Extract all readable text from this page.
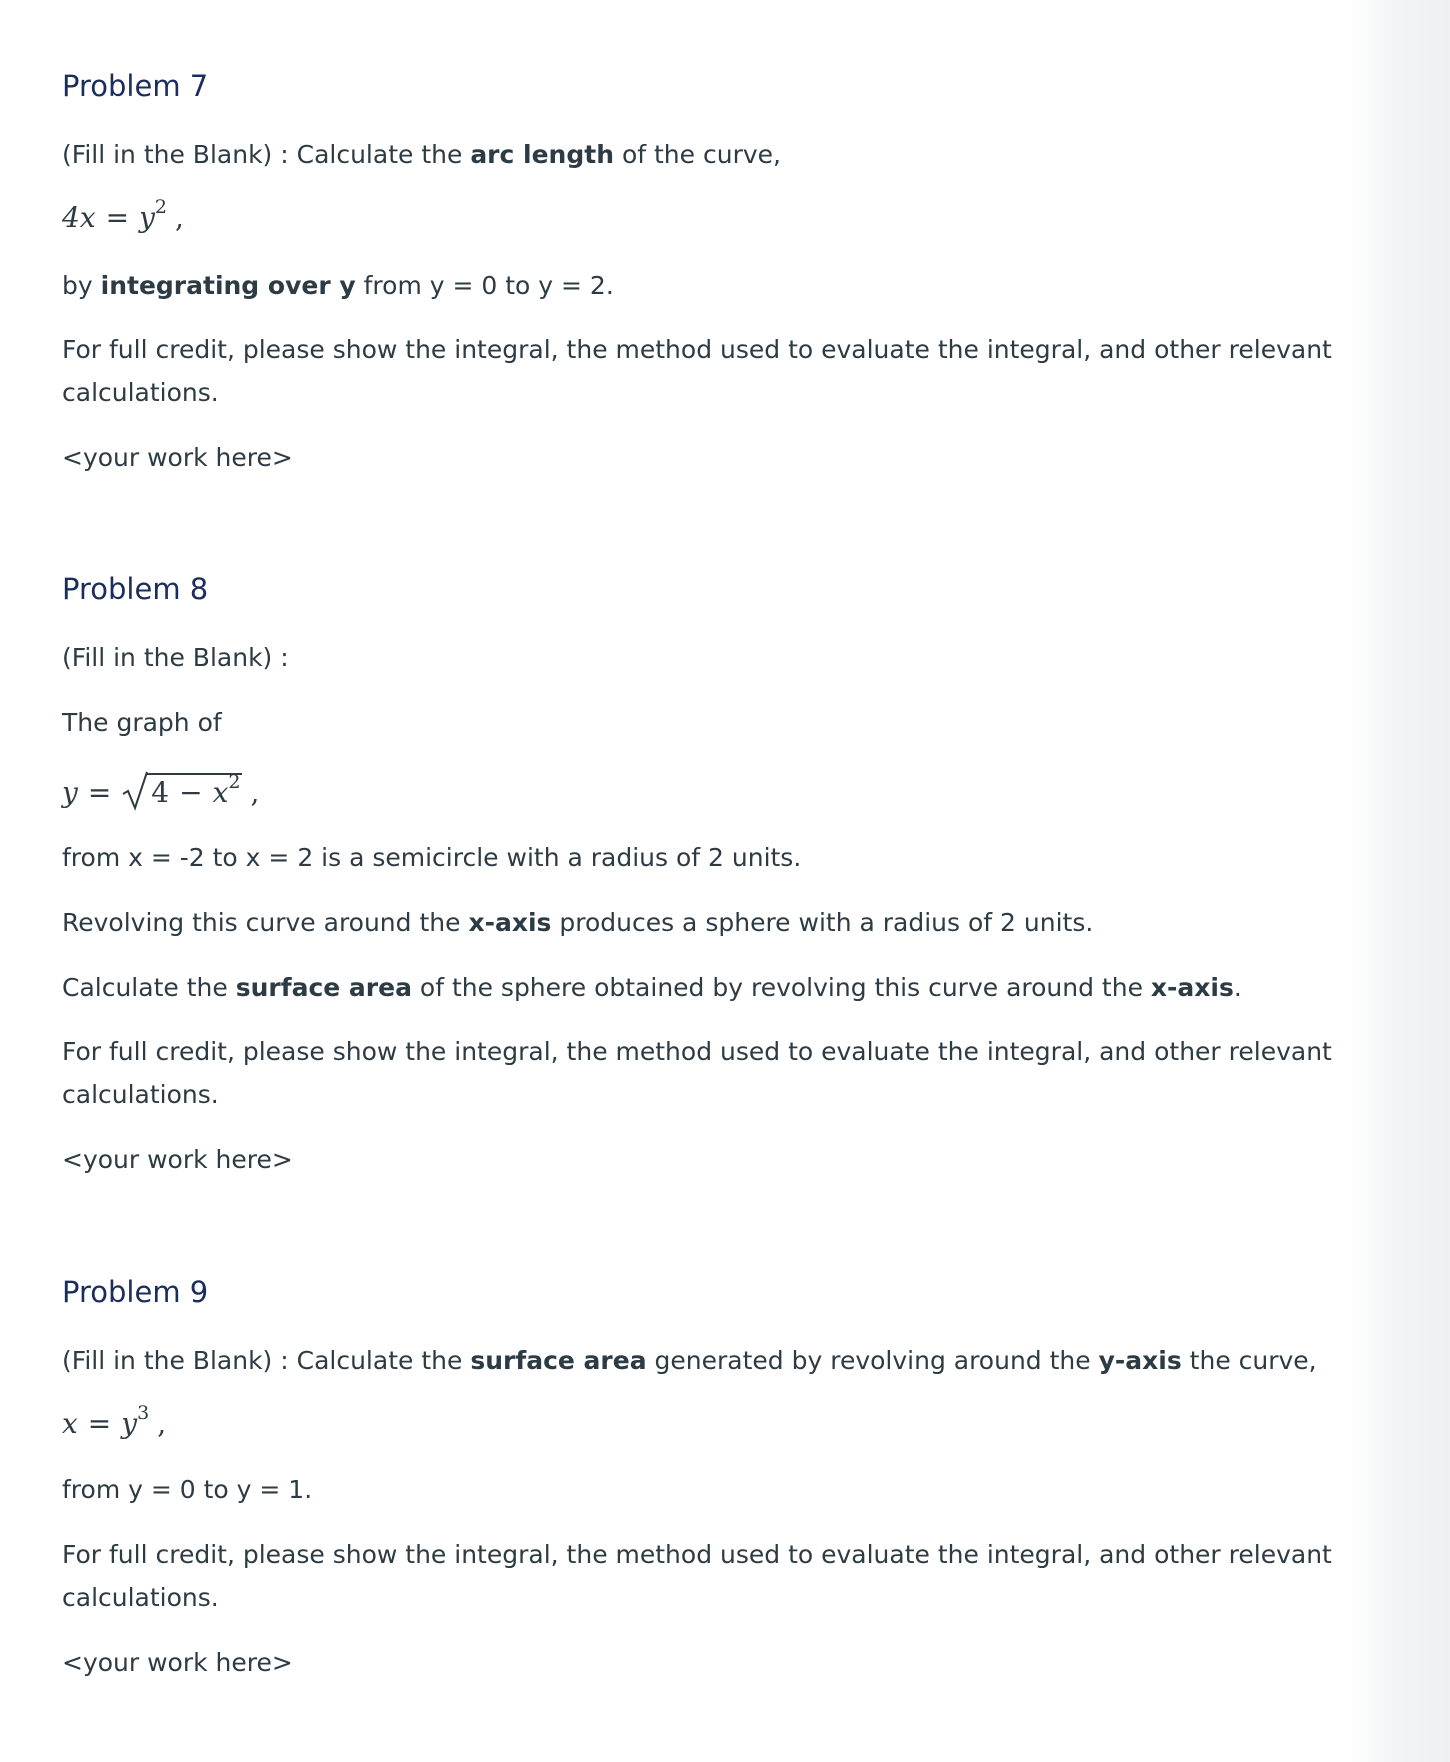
Problem 7

(Fill in the Blank) : Calculate the arc length of the curve,

$4x = y^2$ ,

by integrating over y from y = 0 to y = 2.

For full credit, please show the integral, the method used to evaluate the integral, and other relevant calculations.

<your work here>

Problem 8

(Fill in the Blank) :

The graph of

$y = 4 - x^2$ ,

from x = -2 to x = 2 is a semicircle with a radius of 2 units.

Revolving this curve around the x-axis produces a sphere with a radius of 2 units.

Calculate the surface area of the sphere obtained by revolving this curve around the x-axis.

For full credit, please show the integral, the method used to evaluate the integral, and other relevant calculations.

<your work here>

Problem 9

(Fill in the Blank) : Calculate the surface area generated by revolving around the y-axis the curve,

$x = y^3$ ,

from y = 0 to y = 1.

For full credit, please show the integral, the method used to evaluate the integral, and other relevant calculations.

<your work here>
